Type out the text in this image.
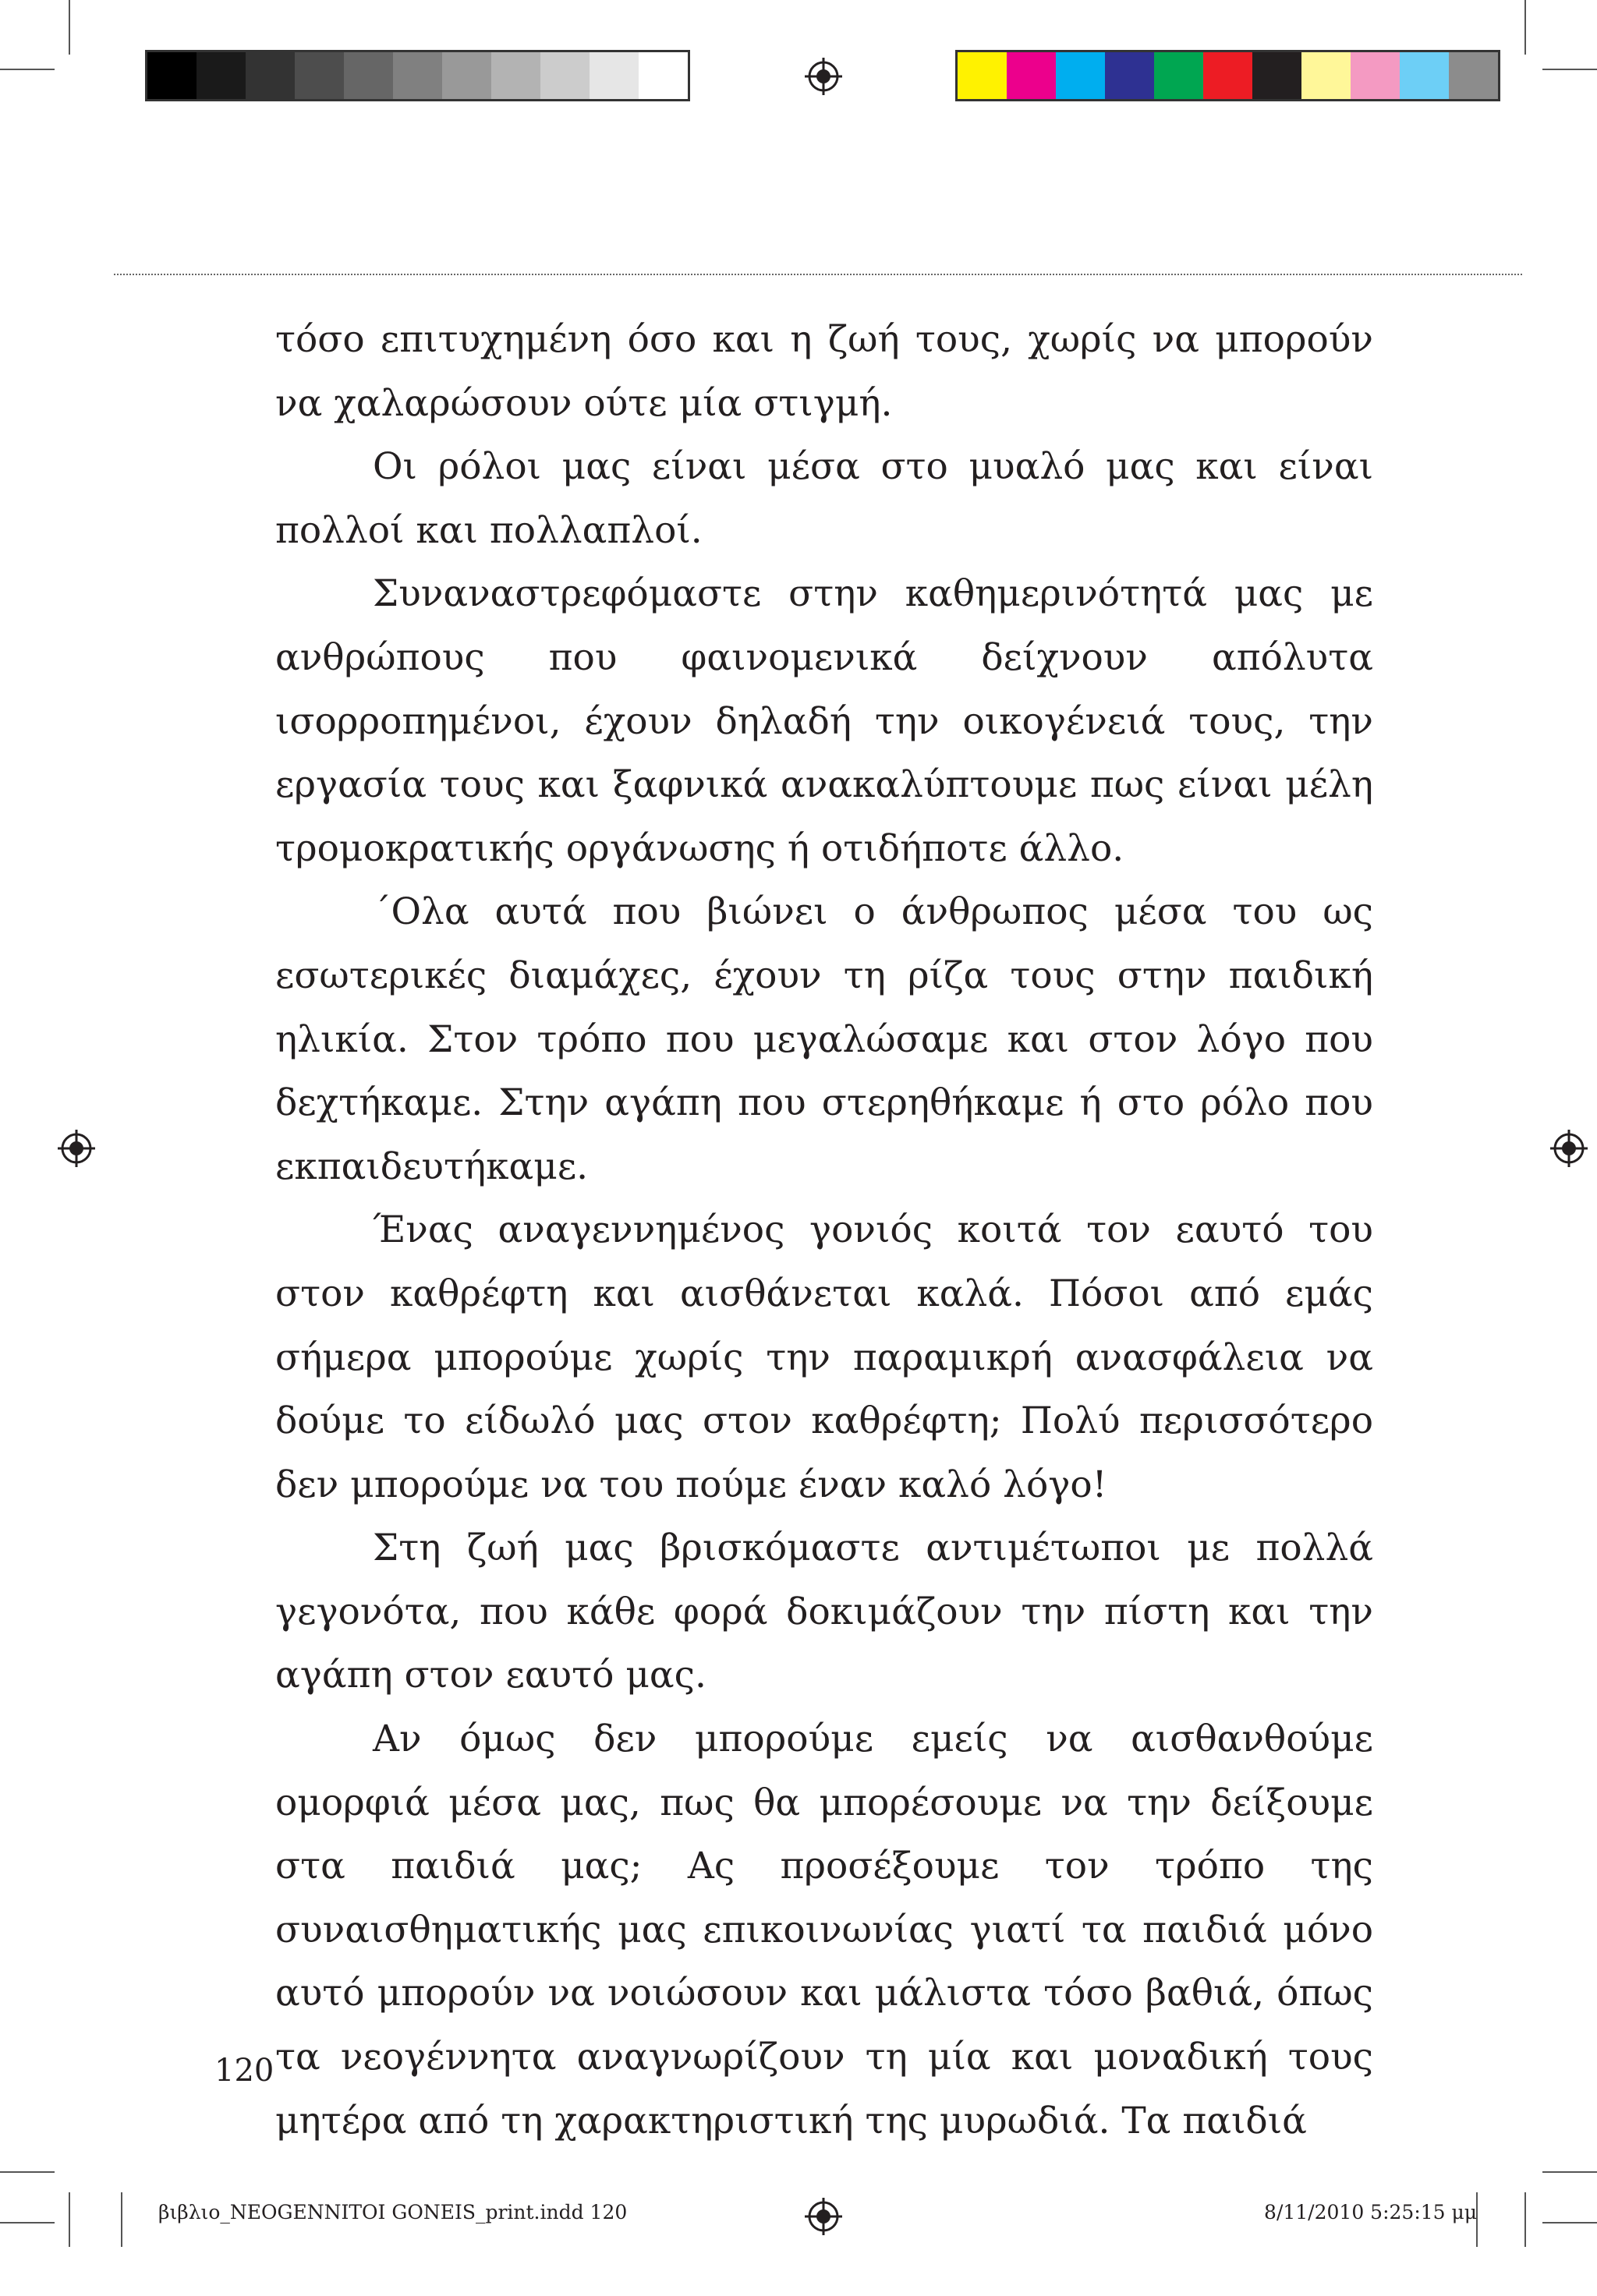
τόσο επιτυχημένη όσο και η ζωή τους, χωρίς να μπορούν να χαλαρώσουν ούτε μία στιγμή.

Οι ρόλοι μας είναι μέσα στο μυαλό μας και είναι πολλοί και πολλαπλοί.

Συναναστρεφόμαστε στην καθημερινότητά μας με ανθρώπους που φαινομενικά δείχνουν απόλυτα ισορροπημένοι, έχουν δηλαδή την οικογένειά τους, την εργασία τους και ξαφνικά ανακαλύπτουμε πως είναι μέλη τρομοκρατικής οργάνωσης ή οτιδήποτε άλλο.

΄Ολα αυτά που βιώνει ο άνθρωπος μέσα του ως εσωτερικές διαμάχες, έχουν τη ρίζα τους στην παιδική ηλικία. Στον τρόπο που μεγαλώσαμε και στον λόγο που δεχτήκαμε. Στην αγάπη που στερηθήκαμε ή στο ρόλο που εκπαιδευτήκαμε.

Ένας αναγεννημένος γονιός κοιτά τον εαυτό του στον καθρέφτη και αισθάνεται καλά. Πόσοι από εμάς σήμερα μπορούμε χωρίς την παραμικρή ανασφάλεια να δούμε το είδωλό μας στον καθρέφτη; Πολύ περισσότερο δεν μπορούμε να του πούμε έναν καλό λόγο!

Στη ζωή μας βρισκόμαστε αντιμέτωποι με πολλά γεγονότα, που κάθε φορά δοκιμάζουν την πίστη και την αγάπη στον εαυτό μας.

Αν όμως δεν μπορούμε εμείς να αισθανθούμε ομορφιά μέσα μας, πως θα μπορέσουμε να την δείξουμε στα παιδιά μας; Ας προσέξουμε τον τρόπο της συναισθηματικής μας επικοινωνίας γιατί τα παιδιά μόνο αυτό μπορούν να νοιώσουν και μάλιστα τόσο βαθιά, όπως τα νεογέννητα αναγνωρίζουν τη μία και μοναδική τους μητέρα από τη χαρακτηριστική της μυρωδιά. Τα παιδιά

120
βιβλιο_NEOGENNITOI GONEIS_print.indd 120	8/11/2010 5:25:15 μμ
